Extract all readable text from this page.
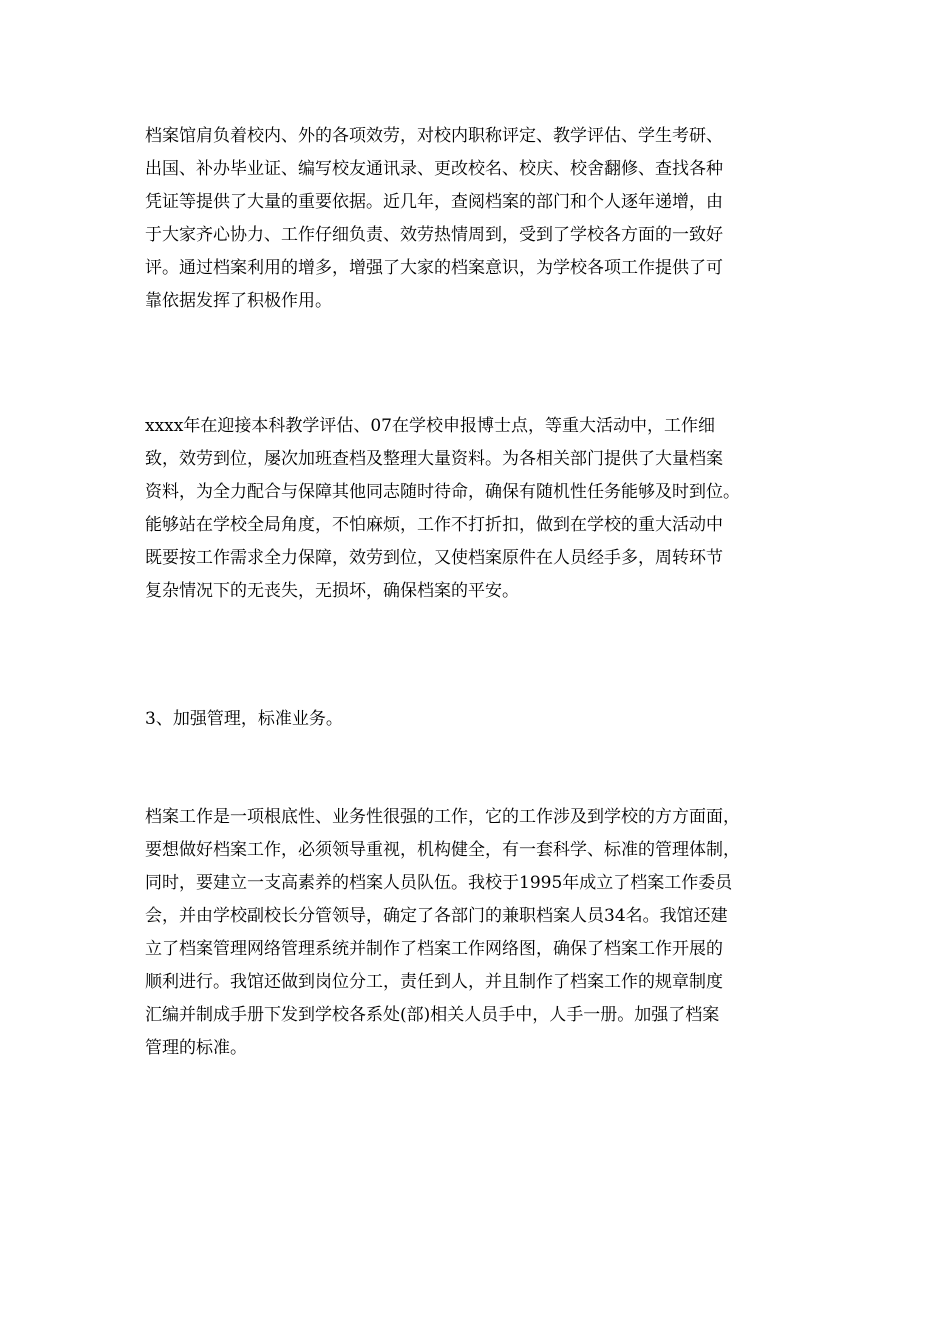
档案馆肩负着校内、外的各项效劳，对校内职称评定、教学评估、学生考研、
出国、补办毕业证、编写校友通讯录、更改校名、校庆、校舍翻修、查找各种
凭证等提供了大量的重要依据。近几年，查阅档案的部门和个人逐年递增，由
于大家齐心协力、工作仔细负责、效劳热情周到，受到了学校各方面的一致好
评。通过档案利用的增多，增强了大家的档案意识，为学校各项工作提供了可
靠依据发挥了积极作用。
xxxx年在迎接本科教学评估、07在学校申报博士点，等重大活动中，工作细
致，效劳到位，屡次加班查档及整理大量资料。为各相关部门提供了大量档案
资料，为全力配合与保障其他同志随时待命，确保有随机性任务能够及时到位。
能够站在学校全局角度，不怕麻烦，工作不打折扣，做到在学校的重大活动中
既要按工作需求全力保障，效劳到位，又使档案原件在人员经手多，周转环节
复杂情况下的无丧失，无损坏，确保档案的平安。
3、加强管理，标准业务。
档案工作是一项根底性、业务性很强的工作，它的工作涉及到学校的方方面面，
要想做好档案工作，必须领导重视，机构健全，有一套科学、标准的管理体制，
同时，要建立一支高素养的档案人员队伍。我校于1995年成立了档案工作委员
会，并由学校副校长分管领导，确定了各部门的兼职档案人员34名。我馆还建
立了档案管理网络管理系统并制作了档案工作网络图，确保了档案工作开展的
顺利进行。我馆还做到岗位分工，责任到人，并且制作了档案工作的规章制度
汇编并制成手册下发到学校各系处(部)相关人员手中，人手一册。加强了档案
管理的标准。
